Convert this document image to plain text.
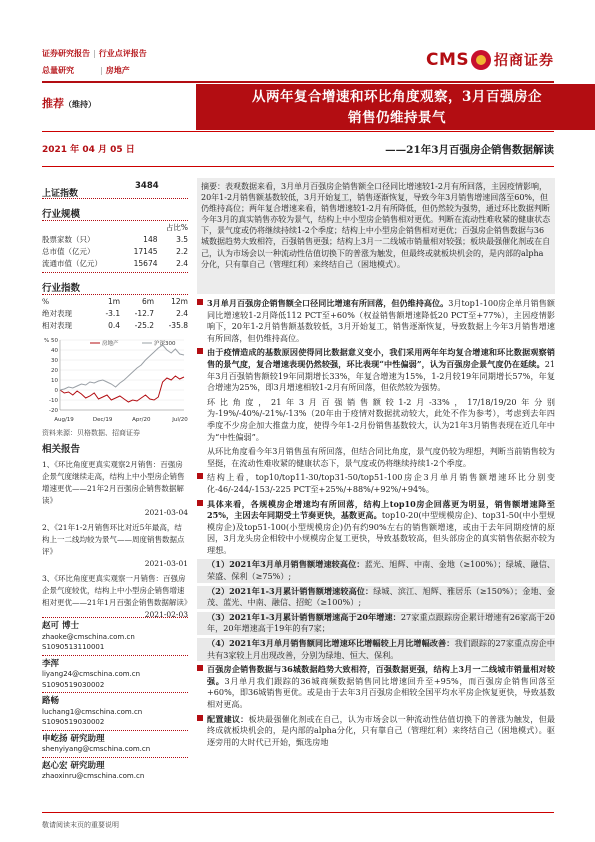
证券研究报告 | 行业点评报告
总量研究	| 房地产
CMS 招商证券
推荐（维持）	从两年复合增速和环比角度观察，3月百强房企
销售仍维持景气
2021 年 04 月 05 日	——21年3月百强房企销售数据解读
上证指数
3484
行业规模
		占比%
股票家数（只）	148	3.5
总市值（亿元）	17145	2.2
流通市值（亿元）	15674	2.4
行业指数
%	1m	6m	12m
绝对表现	-3.1	-12.7	2.4
相对表现	0.4	-25.2	-35.8
50
40
30
20
10
0
-10
-20
%
Aug/19	Dec/19	Apr/20	Jul/20
房地产	沪深300
资料来源：贝格数据、招商证券
相关报告
1、《环比角度更真实观察2月销售：百强房企景气度继续走高，结构上中小型房企销售增速更优——21年2月百强房企销售数据解读》
2021-03-04
2、《21年1-2月销售环比对近5年最高，结构上一二线均较为景气——周度销售数据点评》
2021-03-01
3、《环比角度更真实观察一月销售：百强房企景气度较优，结构上中小型房企销售增速相对更优——21年1月百强企销售数据解读》
2021-02-03
赵可 博士
zhaoke@cmschina.com.cn
S1090513110001
李浑
liyang24@cmschina.com.cn
S1090519030002
路畅
luchang1@cmschina.com.cn
S1090519030002
申屹扬 研究助理
shenyiyang@cmschina.com.cn
赵心宏 研究助理
zhaoxinru@cmschina.com.cn
摘要：表观数据来看，3月单月百强房企销售额全口径同比增速较1-2月有所回落，主因疫情影响，20年1-2月销售额基数较低，3月开始复工，销售逐渐恢复，导致今年3月销售增速回落至60%，但仍维持高位；两年复合增速来看，销售增速较1-2月有所降低，但仍然较为强势，通过环比数据判断今年3月的真实销售亦较为景气，结构上中小型房企销售相对更优。判断在流动性难收紧的健康状态下，景气度或仍将继续持续1-2个季度；结构上中小型房企销售相对更优；百强房企销售数据与36城数据趋势大致相符，百强销售更强；结构上3月一二线城市销量相对较强；板块最强催化剂或在自己，认为市场会以一种流动性估值切换下的普涨为触发，但最终或就板块机会的，是内部的alpha分化，只有靠自己（管理红利）来终结自己（困地模式）。
3月单月百强房企销售额全口径同比增速有所回落，但仍维持高位。3月top1-100房企单月销售额同比增速较1-2月降低112 PCT至+60%（权益销售额增速降低20 PCT至+77%），主因疫情影响下，20年1-2月销售额基数较低，3月开始复工，销售逐渐恢复，导致数据上今年3月销售增速有所回落，但仍维持高位。
由于疫情造成的基数原因使得同比数据意义变小，我们采用两年年均复合增速和环比数据观察销售的景气度，复合增速表现仍然较强，环比表现“中性偏弱”，认为百强房企景气度仍在延续。21年3月百强销售额较19年同期增长33%，年复合增速为15%，1-2月较19年同期增长57%，年复合增速为25%，即3月增速相较1-2月有所回落，但依然较为强势。
环比角度，21年3月百强销售额较1-2月-33%，17/18/19/20年分别为-19%/-40%/-21%/-13%（20年由于疫情对数据扰动较大，此处不作为参考），考虑到去年四季度不少房企加大推盘力度，使得今年1-2月份销售基数较大，认为21年3月销售表现在近几年中为“中性偏弱”。
从环比角度看今年3月销售虽有所回落，但结合同比角度，景气度仍较为理想，判断当前销售较为坚挺，在流动性难收紧的健康状态下，景气度或仍将继续持续1-2个季度。
结构上看，top10/top11-30/top31-50/top51-100房企3月单月销售额增速环比分别变化-46/-244/-153/-225 PCT至+25%/+88%/+92%/+94%。
具体来看，各规模房企增速均有所回落，结构上top10房企回落更为明显，销售额增速降至25%，主因去年同期受土节奏更快，基数更高。top10-20(中型规模房企)、top31-50(中小型规模房企)及top51-100(小型规模房企)仍有约90%左右的销售额增速，或由于去年同期疫情的原因，3月龙头房企相较中小规模房企复工更快，导致基数较高，但头部房企的真实销售依据亦较为理想。
（1）2021年3月单月销售额增速较高位：蓝光、旭辉、中南、金地（≥100%）；绿城、融信、荣盛、保利（≥75%）;
（2）2021年1-3月累计销售额增速较高位：绿城、滨江、旭辉、雅居乐（≥150%）；金地、金茂、蓝光、中南、融信、招蛇（≥100%）;
（3）2021年1-3月累计销售额增速高于20年增速：27家重点跟踪房企累计增速有26家高于20年，20年增速高于19年的有7家；
（4）2021年3月单月销售额同比增速环比增幅较上月比增幅改善：我们跟踪的27家重点房企中共有3家较上月出现改善，分别为绿地、恒大、保利。
百强房企销售数据与36城数据趋势大致相符，百强数据更强，结构上3月一二线城市销量相对较强。3月单月我们跟踪的36城商频数据销售同比增速回升至+95%，而百强房企销售回落至+60%，即36城销售更优。或是由于去年3月百强房企相较全国平均水平房企恢复更快，导致基数相对更高。
配置建议：板块最强催化剂或在自己，认为市场会以一种流动性估值切换下的普涨为触发，但最终成就板块机会的，是内部的alpha分化，只有靠自己（管理红利）来终结自己（困地模式）。驱逐旁用的大时代已开始，甄选房地
敬请阅读末页的重要说明
